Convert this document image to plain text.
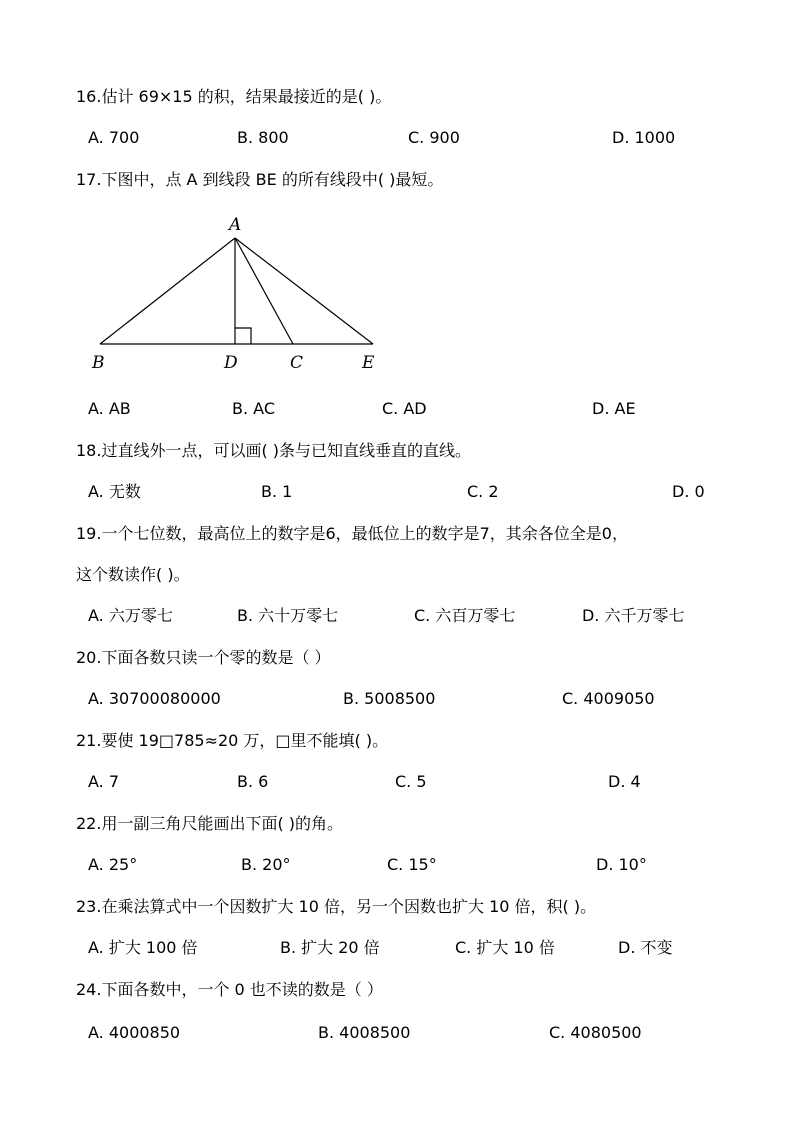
16.估计 69×15 的积，结果最接近的是( )。
A. 700	B. 800	C. 900	D. 1000
17.下图中，点 A 到线段 BE 的所有线段中( )最短。
A
B	D	C	E
A. AB	B. AC	C. AD	D. AE
18.过直线外一点，可以画( )条与已知直线垂直的直线。
A. 无数	B. 1	C. 2	D. 0
19.一个七位数，最高位上的数字是6，最低位上的数字是7，其余各位全是0，
这个数读作( )。
A. 六万零七	B. 六十万零七	C. 六百万零七	D. 六千万零七
20.下面各数只读一个零的数是（ ）
A. 30700080000	B. 5008500	C. 4009050
21.要使 19□785≈20 万，□里不能填( )。
A. 7	B. 6	C. 5	D. 4
22.用一副三角尺能画出下面( )的角。
A. 25°	B. 20°	C. 15°	D. 10°
23.在乘法算式中一个因数扩大 10 倍，另一个因数也扩大 10 倍，积( )。
A. 扩大 100 倍	B. 扩大 20 倍	C. 扩大 10 倍	D. 不变
24.下面各数中，一个 0 也不读的数是（ ）
A. 4000850	B. 4008500	C. 4080500
